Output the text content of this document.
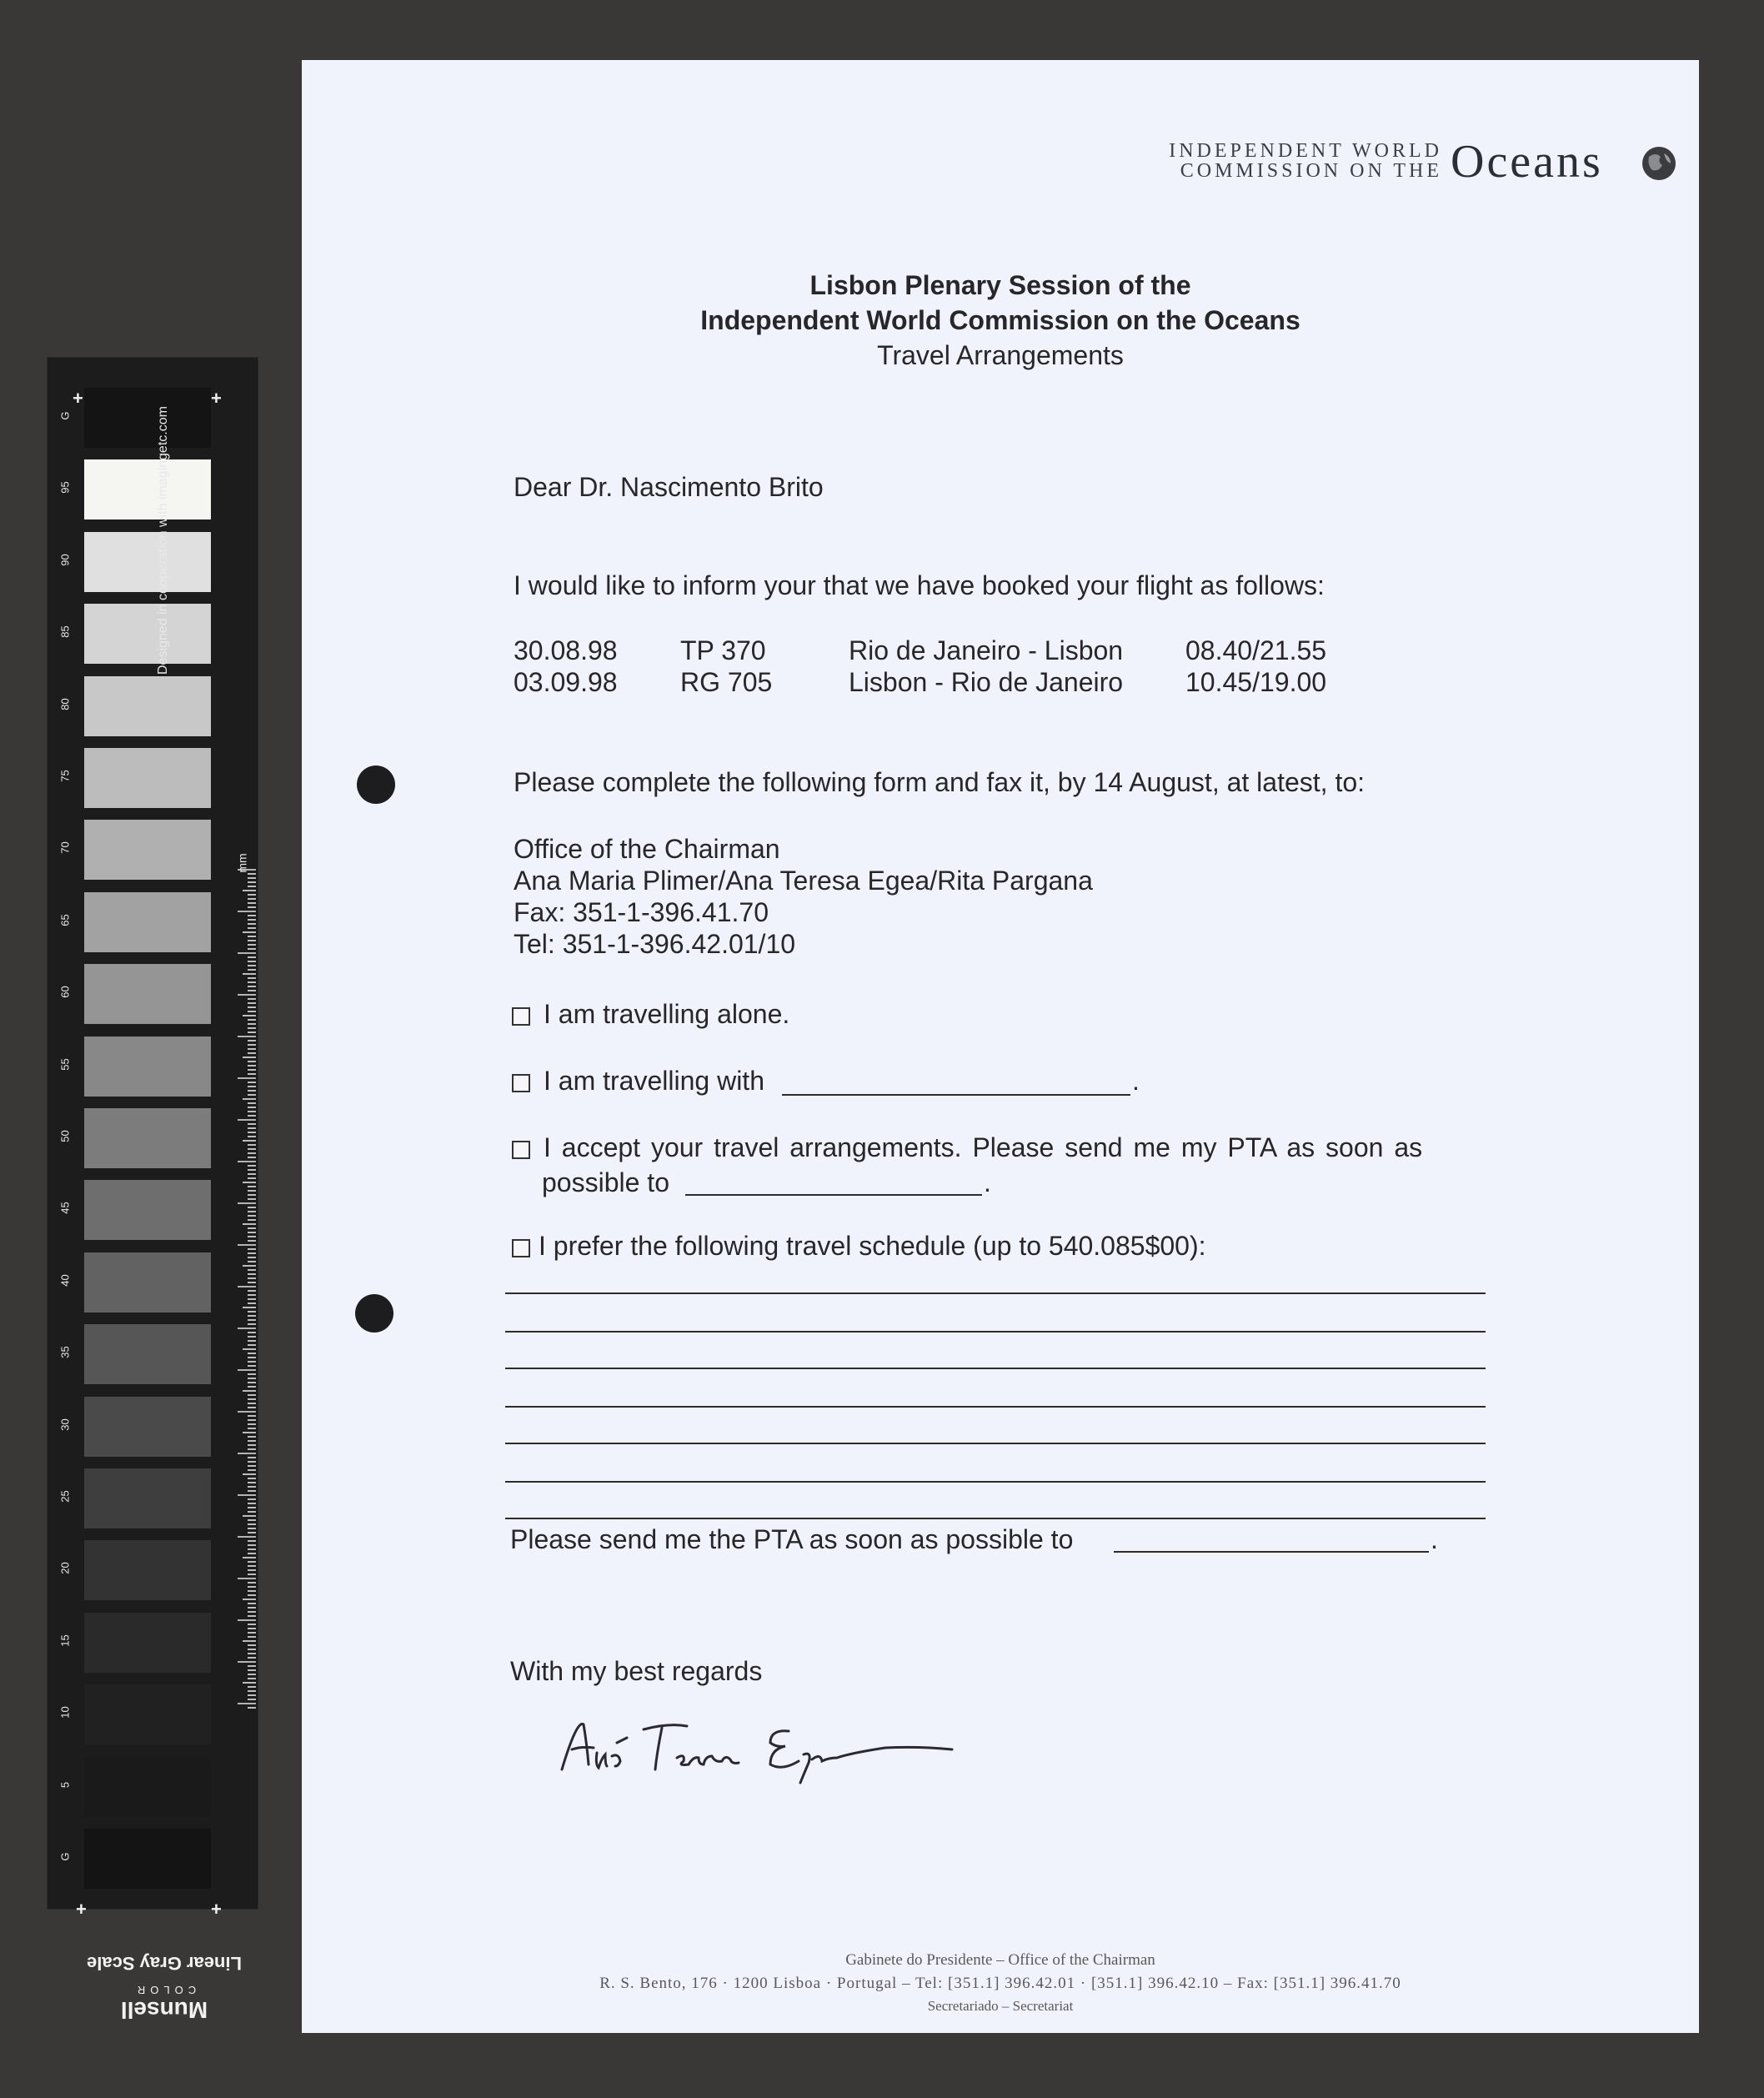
+	+
Designed in cooperation with imagingetc.com
mm
+	+
Linear Gray Scale
Munsell
COLOR
G
95
90
85
80
75
70
65
60
55
50
45
40
35
30
25
20
15
10
5
G
INDEPENDENT WORLD
COMMISSION ON THE Oceans
Lisbon Plenary Session of the
Independent World Commission on the Oceans
Travel Arrangements
Dear Dr. Nascimento Brito
I would like to inform your that we have booked your flight as follows:
30.08.98 TP 370	Rio de Janeiro - Lisbon 08.40/21.55
03.09.98 RG 705	Lisbon - Rio de Janeiro 10.45/19.00
Please complete the following form and fax it, by 14 August, at latest, to:
Office of the Chairman
Ana Maria Plimer/Ana Teresa Egea/Rita Pargana
Fax: 351-1-396.41.70
Tel: 351-1-396.42.01/10
I am travelling alone.
I am travelling with	.
I accept your travel arrangements. Please send me my PTA as soon as
possible to	.
I prefer the following travel schedule (up to 540.085$00):
Please send me the PTA as soon as possible to	.
With my best regards
Gabinete do Presidente – Office of the Chairman
R. S. Bento, 176 · 1200 Lisboa · Portugal – Tel: [351.1] 396.42.01 · [351.1] 396.42.10 – Fax: [351.1] 396.41.70
Secretariado – Secretariat
